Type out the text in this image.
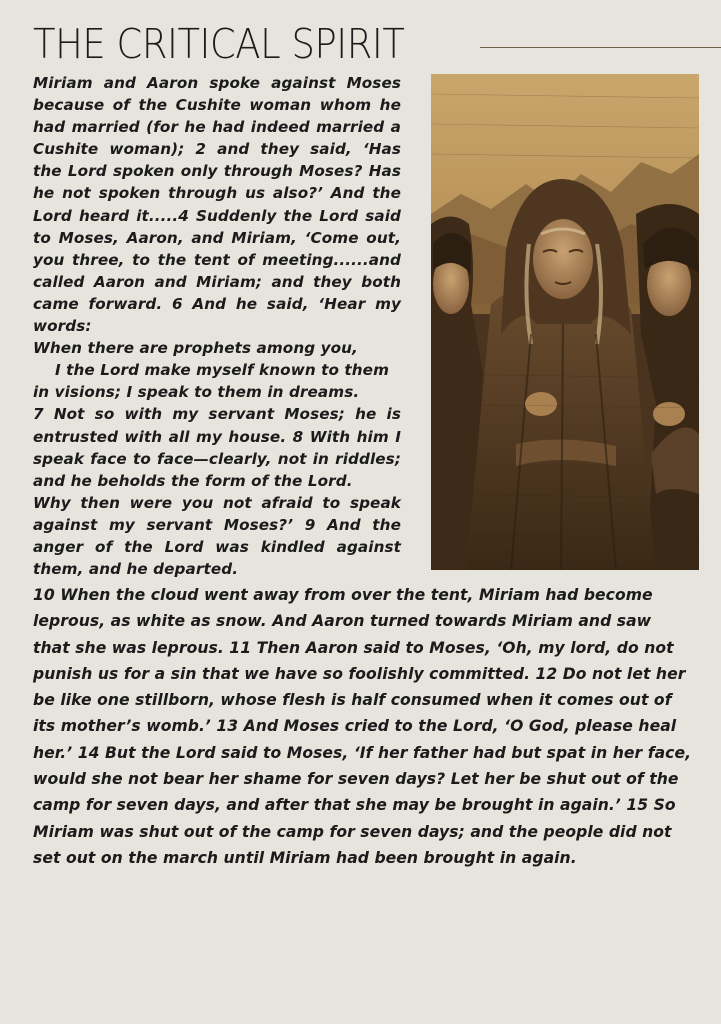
THE CRITICAL SPIRIT

Miriam and Aaron spoke against Moses because of the Cushite woman whom he had married (for he had indeed married a Cushite woman); 2 and they said, ‘Has the Lord spoken only through Moses? Has he not spoken through us also?’ And the Lord heard it.....4 Suddenly the Lord said to Moses, Aaron, and Miriam, ‘Come out, you three, to the tent of meeting......and called Aaron and Miriam; and they both came forward. 6 And he said, ‘Hear my words:

When there are prophets among you,

I the Lord make myself known to them in visions; I speak to them in dreams.

7 Not so with my servant Moses; he is entrusted with all my house. 8 With him I speak face to face—clearly, not in riddles; and he beholds the form of the Lord.

Why then were you not afraid to speak against my servant Moses?’ 9 And the anger of the Lord was kindled against them, and he departed.

10 When the cloud went away from over the tent, Miriam had become leprous, as white as snow. And Aaron turned towards Miriam and saw that she was leprous. 11 Then Aaron said to Moses, ‘Oh, my lord, do not punish us for a sin that we have so foolishly committed. 12 Do not let her be like one stillborn, whose flesh is half consumed when it comes out of its mother’s womb.’ 13 And Moses cried to the Lord, ‘O God, please heal her.’ 14 But the Lord said to Moses, ‘If her father had but spat in her face, would she not bear her shame for seven days? Let her be shut out of the camp for seven days, and after that she may be brought in again.’ 15 So Miriam was shut out of the camp for seven days; and the people did not set out on the march until Miriam had been brought in again.
